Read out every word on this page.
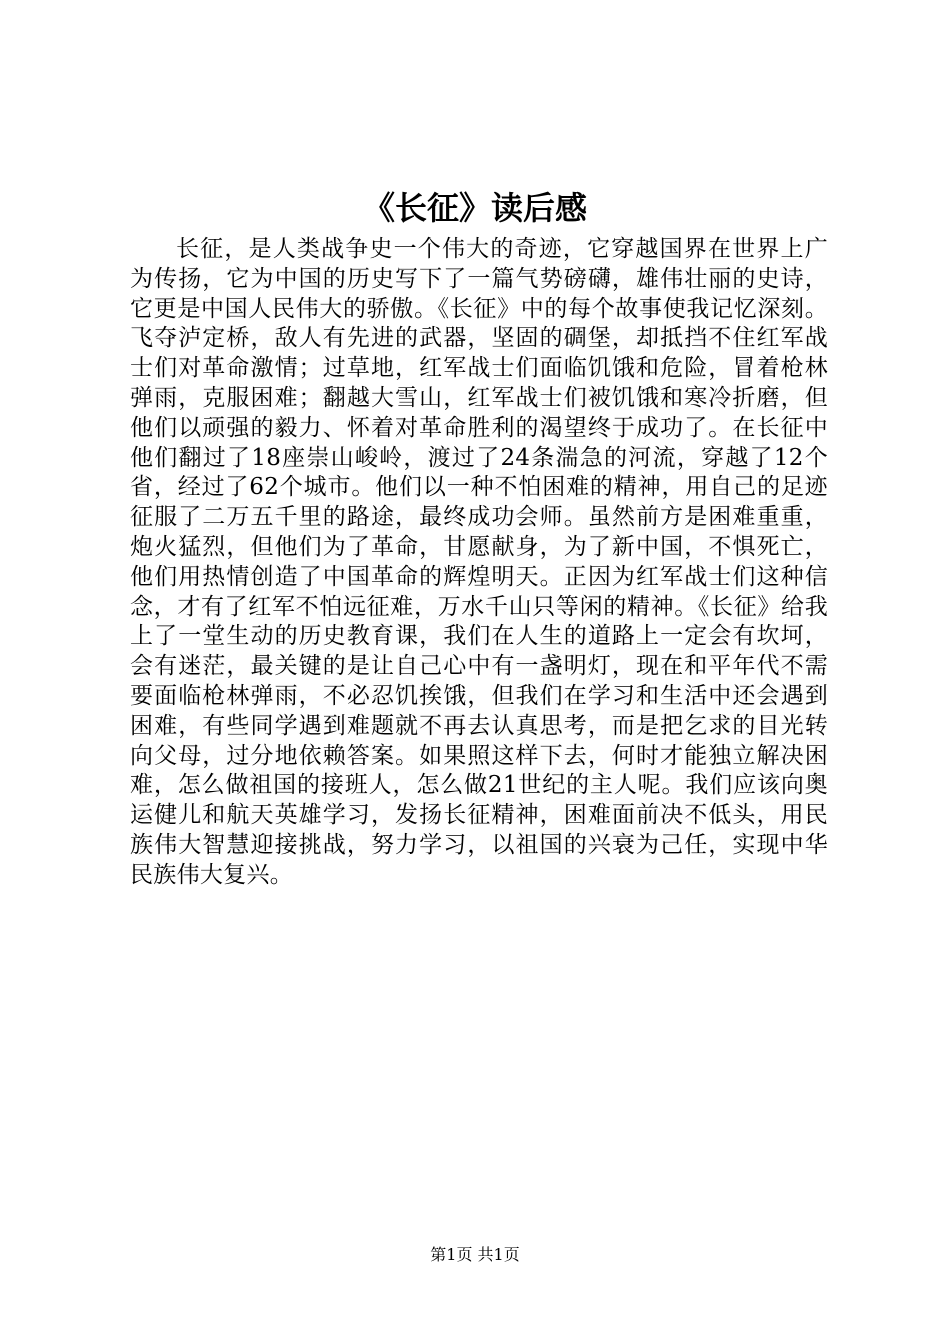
《长征》读后感

长征，是人类战争史一个伟大的奇迹，它穿越国界在世界上广为传扬，它为中国的历史写下了一篇气势磅礴，雄伟壮丽的史诗，它更是中国人民伟大的骄傲。《长征》中的每个故事使我记忆深刻。飞夺泸定桥，敌人有先进的武器，坚固的碉堡，却抵挡不住红军战士们对革命激情；过草地，红军战士们面临饥饿和危险，冒着枪林弹雨，克服困难；翻越大雪山，红军战士们被饥饿和寒冷折磨，但他们以顽强的毅力、怀着对革命胜利的渴望终于成功了。在长征中他们翻过了18座崇山峻岭，渡过了24条湍急的河流，穿越了12个省，经过了62个城市。他们以一种不怕困难的精神，用自己的足迹征服了二万五千里的路途，最终成功会师。虽然前方是困难重重，炮火猛烈，但他们为了革命，甘愿献身，为了新中国，不惧死亡，他们用热情创造了中国革命的辉煌明天。正因为红军战士们这种信念，才有了红军不怕远征难，万水千山只等闲的精神。《长征》给我上了一堂生动的历史教育课，我们在人生的道路上一定会有坎坷，会有迷茫，最关键的是让自己心中有一盏明灯，现在和平年代不需要面临枪林弹雨，不必忍饥挨饿，但我们在学习和生活中还会遇到困难，有些同学遇到难题就不再去认真思考，而是把乞求的目光转向父母，过分地依赖答案。如果照这样下去，何时才能独立解决困难，怎么做祖国的接班人，怎么做21世纪的主人呢。我们应该向奥运健儿和航天英雄学习，发扬长征精神，困难面前决不低头，用民族伟大智慧迎接挑战，努力学习，以祖国的兴衰为己任，实现中华民族伟大复兴。

第1页 共1页
